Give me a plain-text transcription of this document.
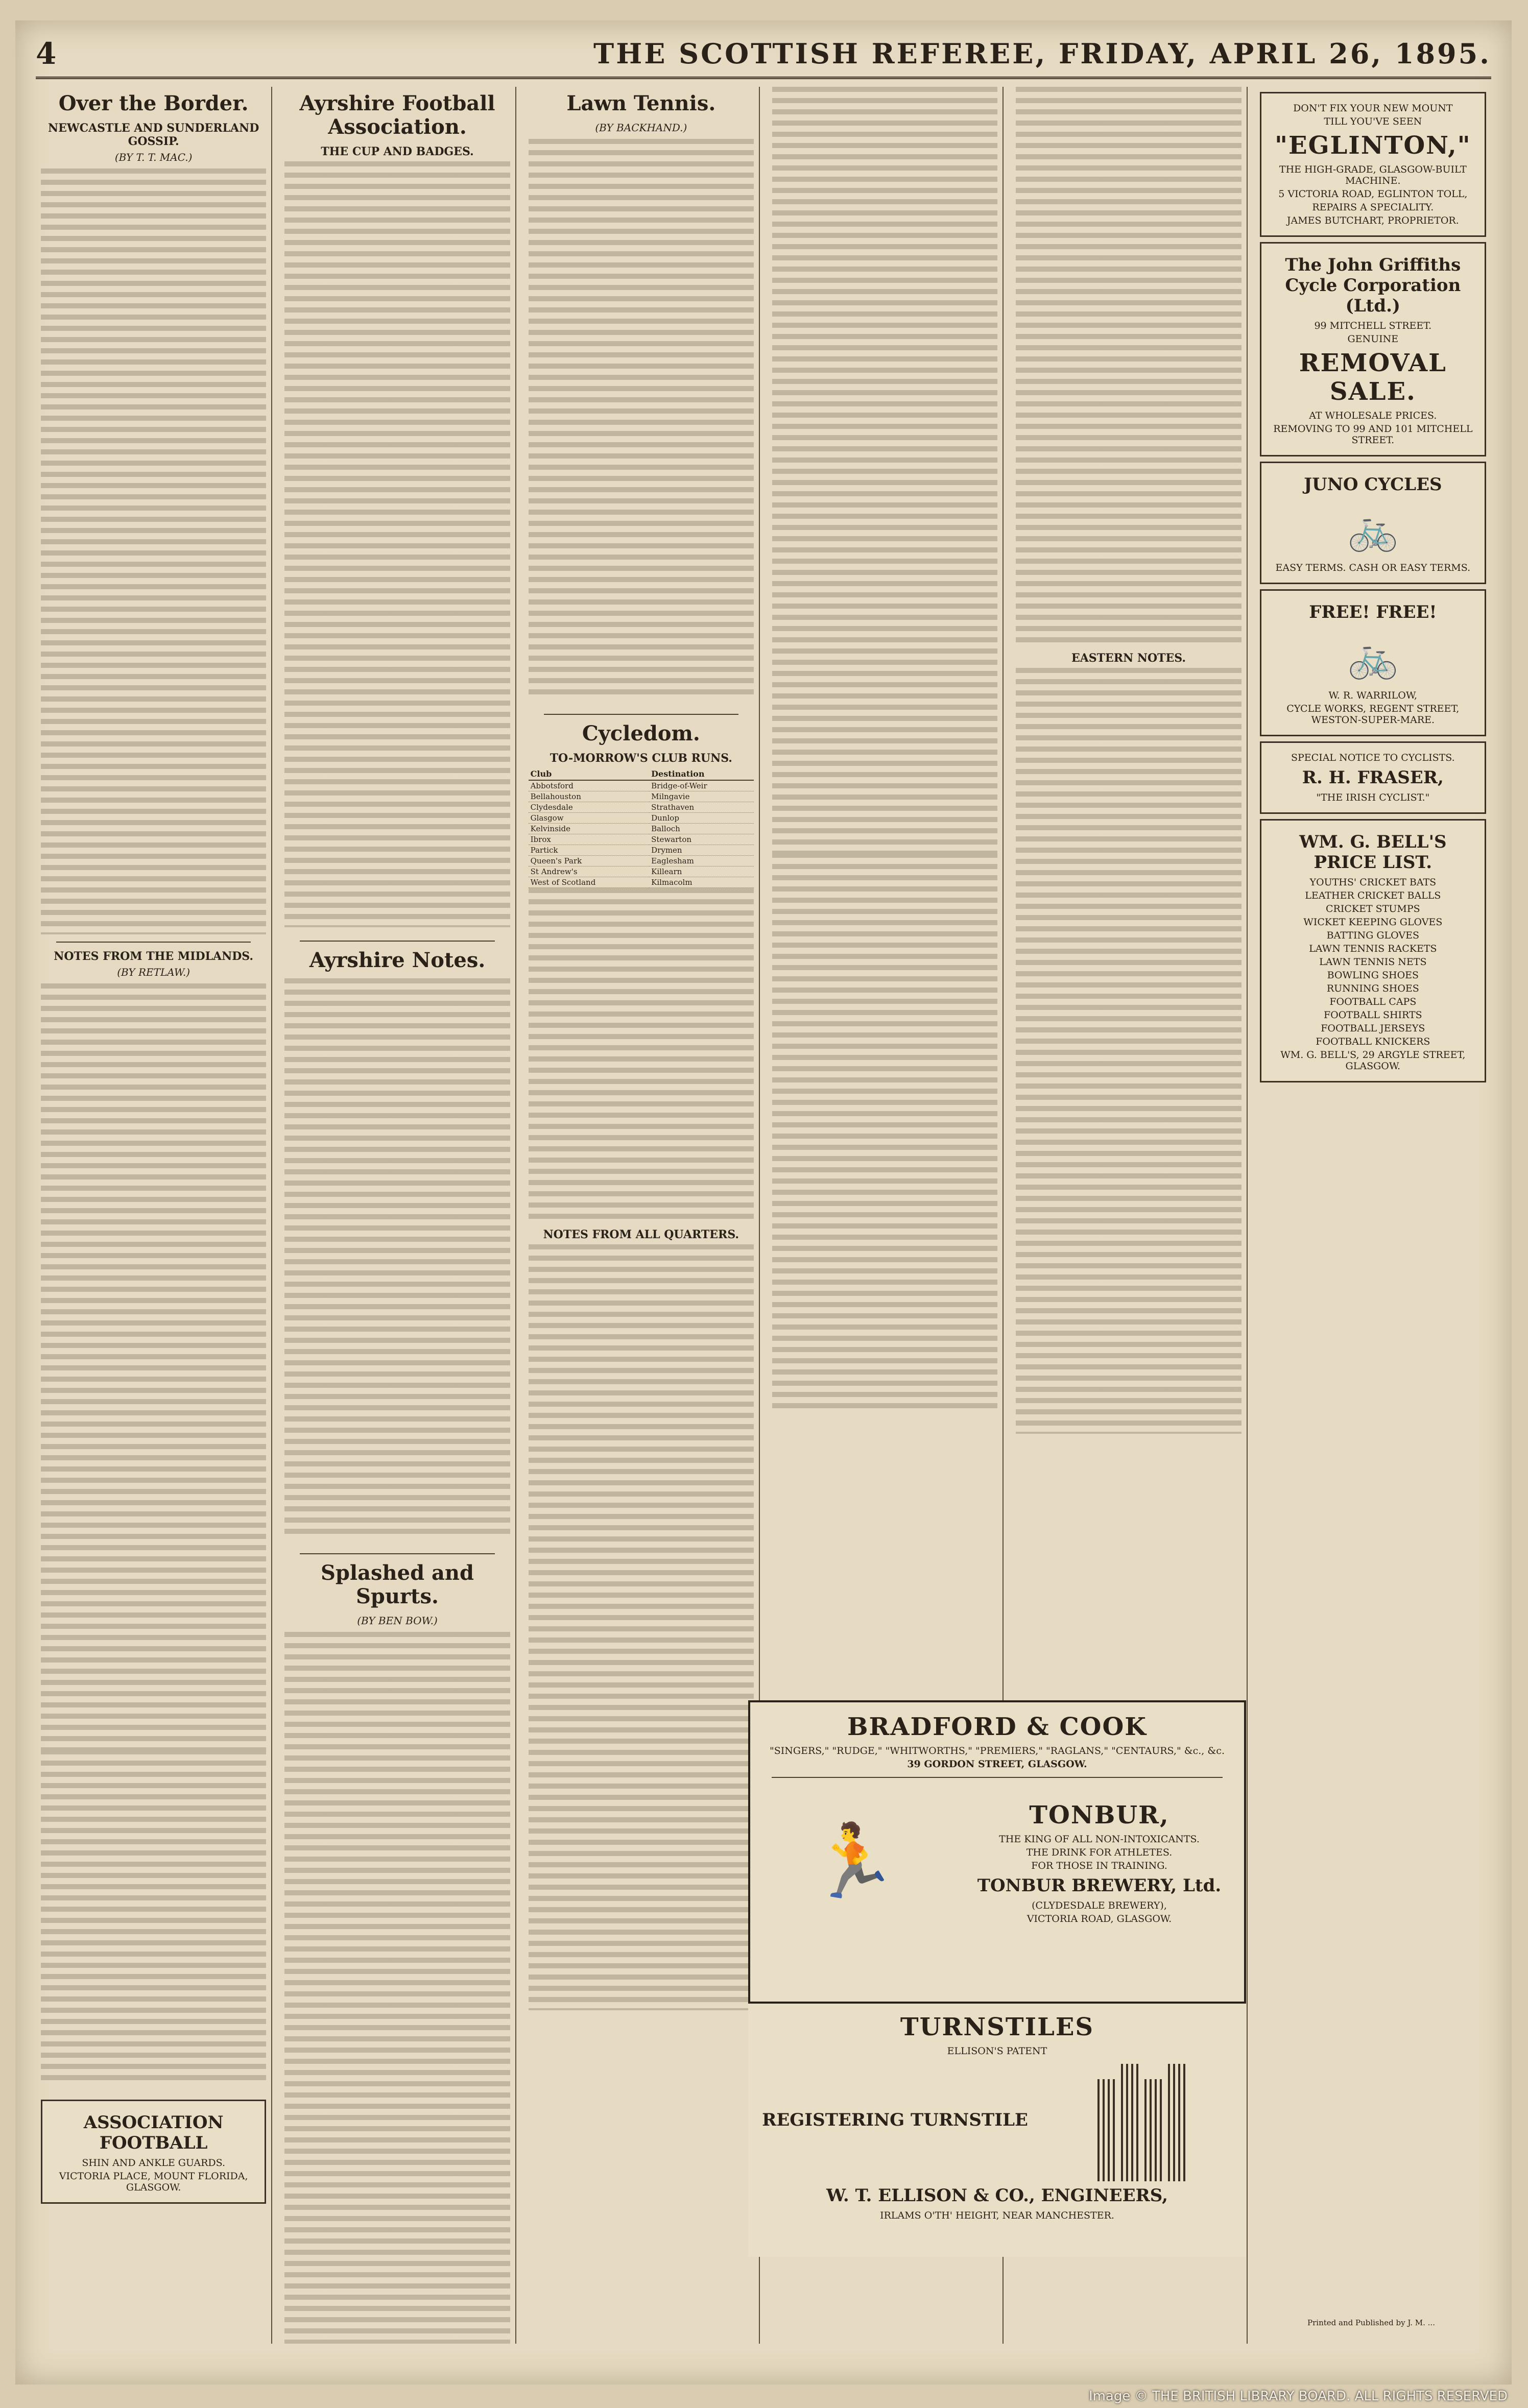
4	THE SCOTTISH REFEREE, FRIDAY, APRIL 26, 1895.
Over the Border.
NEWCASTLE AND SUNDERLAND GOSSIP.
(BY T. T. MAC.)
NOTES FROM THE MIDLANDS.
(BY RETLAW.)
ASSOCIATION FOOTBALL
SHIN AND ANKLE GUARDS.
VICTORIA PLACE, MOUNT FLORIDA, GLASGOW.
Ayrshire Football Association.
THE CUP AND BADGES.
Ayrshire Notes.
Splashed and Spurts.
(BY BEN BOW.)
Lawn Tennis.
(BY BACKHAND.)
Cycledom.
TO-MORROW'S CLUB RUNS.
Club	Destination
Abbotsford	Bridge-of-Weir
Bellahouston	Milngavie
Clydesdale	Strathaven
Glasgow	Dunlop
Kelvinside	Balloch
Ibrox	Stewarton
Partick	Drymen
Queen's Park	Eaglesham
St Andrew's	Killearn
West of Scotland	Kilmacolm
NOTES FROM ALL QUARTERS.
EASTERN NOTES.
DON'T FIX YOUR NEW MOUNT
TILL YOU'VE SEEN
"EGLINTON,"
THE HIGH-GRADE, GLASGOW-BUILT MACHINE.
5 VICTORIA ROAD, EGLINTON TOLL,
REPAIRS A SPECIALITY.
JAMES BUTCHART, PROPRIETOR.
The John Griffiths Cycle Corporation (Ltd.)
99 MITCHELL STREET.
GENUINE
REMOVAL SALE.
AT WHOLESALE PRICES.
REMOVING TO 99 AND 101 MITCHELL STREET.
JUNO CYCLES
🚲
EASY TERMS. CASH OR EASY TERMS.
FREE! FREE!
🚲
W. R. WARRILOW,
CYCLE WORKS, REGENT STREET, WESTON-SUPER-MARE.
SPECIAL NOTICE TO CYCLISTS.
R. H. FRASER,
"THE IRISH CYCLIST."
WM. G. BELL'S PRICE LIST.
YOUTHS' CRICKET BATS
LEATHER CRICKET BALLS
CRICKET STUMPS
WICKET KEEPING GLOVES
BATTING GLOVES
LAWN TENNIS RACKETS
LAWN TENNIS NETS
BOWLING SHOES
RUNNING SHOES
FOOTBALL CAPS
FOOTBALL SHIRTS
FOOTBALL JERSEYS
FOOTBALL KNICKERS
WM. G. BELL'S, 29 ARGYLE STREET, GLASGOW.
BRADFORD & COOK
"SINGERS," "RUDGE," "WHITWORTHS," "PREMIERS," "RAGLANS," "CENTAURS," &c., &c.
39 GORDON STREET, GLASGOW.
🏃
TONBUR,
THE KING OF ALL NON-INTOXICANTS.
THE DRINK FOR ATHLETES.
FOR THOSE IN TRAINING.
TONBUR BREWERY, Ltd.
(CLYDESDALE BREWERY),
VICTORIA ROAD, GLASGOW.
TURNSTILES
ELLISON'S PATENT
REGISTERING TURNSTILE
W. T. ELLISON & CO., ENGINEERS,
IRLAMS O'TH' HEIGHT, NEAR MANCHESTER.
Printed and Published by J. M. ...
Image © THE BRITISH LIBRARY BOARD. ALL RIGHTS RESERVED
